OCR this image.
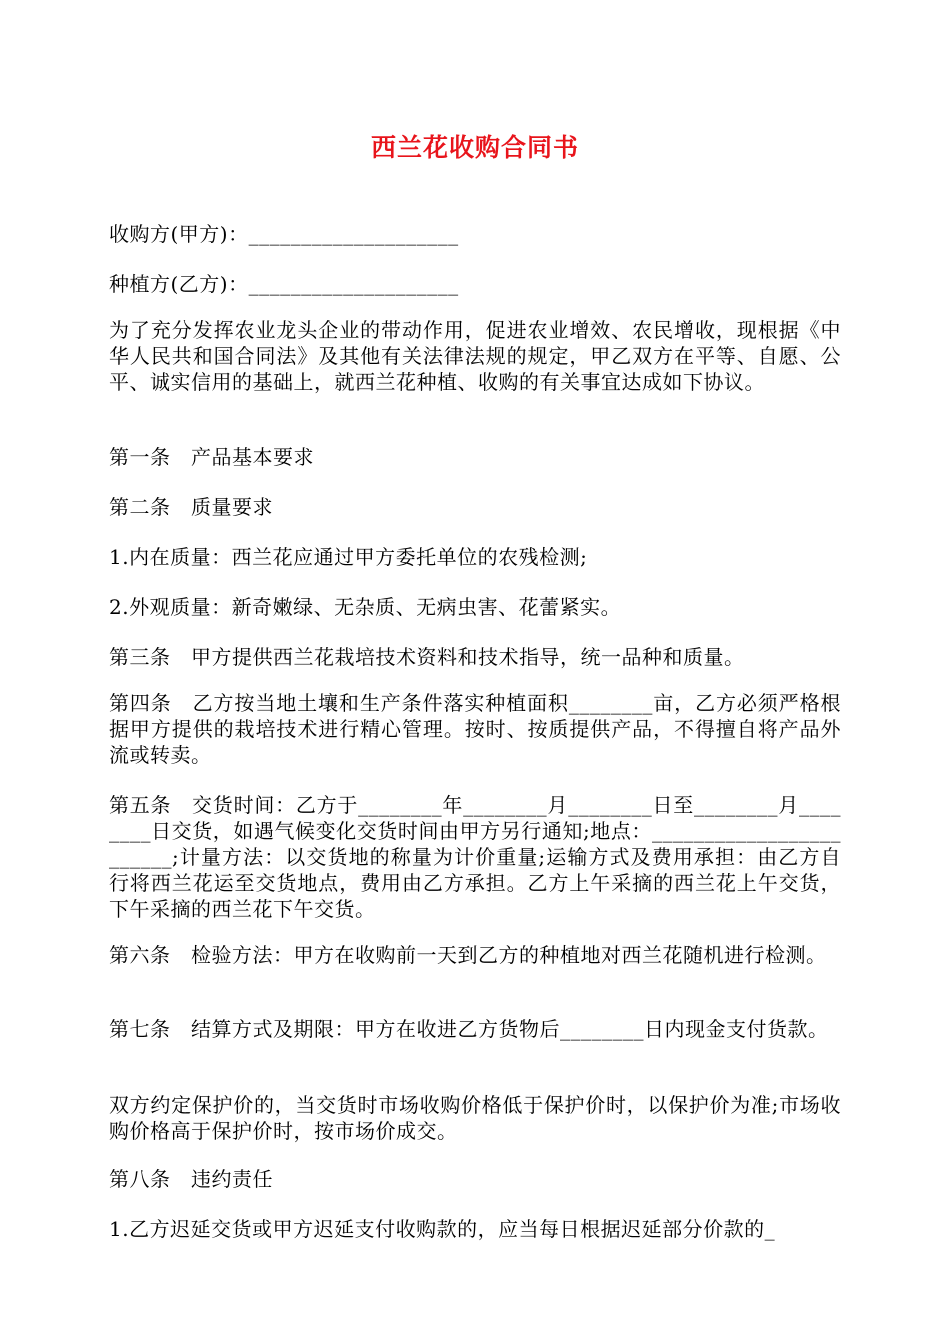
西兰花收购合同书

收购方(甲方)：____________________

种植方(乙方)：____________________

为了充分发挥农业龙头企业的带动作用，促进农业增效、农民增收，现根据《中华人民共和国合同法》及其他有关法律法规的规定，甲乙双方在平等、自愿、公平、诚实信用的基础上，就西兰花种植、收购的有关事宜达成如下协议。

第一条　产品基本要求

第二条　质量要求

1.内在质量：西兰花应通过甲方委托单位的农残检测;

2.外观质量：新奇嫩绿、无杂质、无病虫害、花蕾紧实。

第三条　甲方提供西兰花栽培技术资料和技术指导，统一品种和质量。

第四条　乙方按当地土壤和生产条件落实种植面积________亩，乙方必须严格根据甲方提供的栽培技术进行精心管理。按时、按质提供产品，不得擅自将产品外流或转卖。

第五条　交货时间：乙方于________年________月________日至________月________日交货，如遇气候变化交货时间由甲方另行通知;地点：________________________;计量方法：以交货地的称量为计价重量;运输方式及费用承担：由乙方自行将西兰花运至交货地点，费用由乙方承担。乙方上午采摘的西兰花上午交货，下午采摘的西兰花下午交货。

第六条　检验方法：甲方在收购前一天到乙方的种植地对西兰花随机进行检测。

第七条　结算方式及期限：甲方在收进乙方货物后________日内现金支付货款。

双方约定保护价的，当交货时市场收购价格低于保护价时，以保护价为准;市场收购价格高于保护价时，按市场价成交。

第八条　违约责任

1.乙方迟延交货或甲方迟延支付收购款的，应当每日根据迟延部分价款的_
